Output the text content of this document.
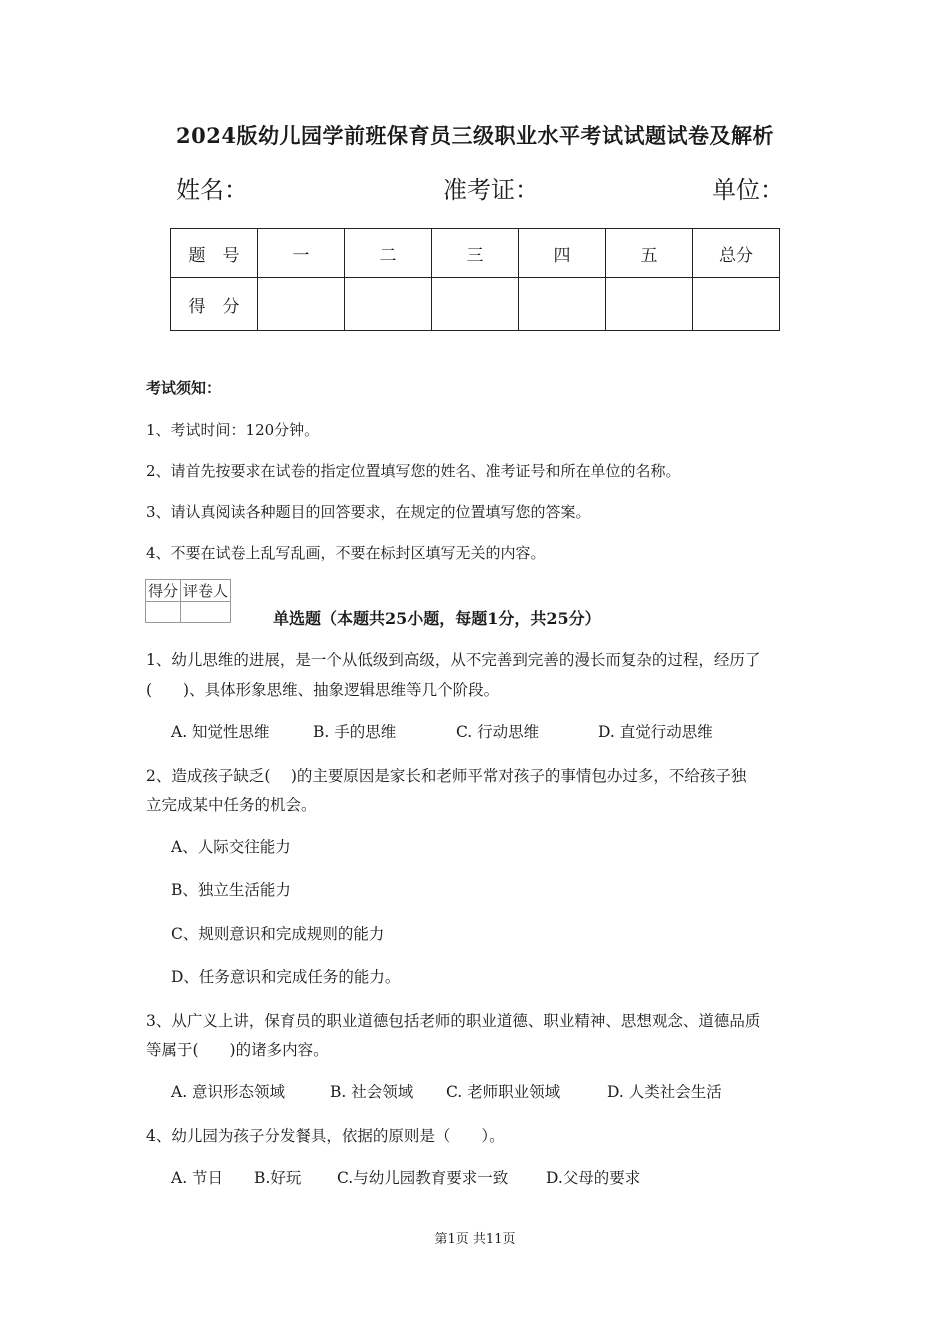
2024版幼儿园学前班保育员三级职业水平考试试题试卷及解析
姓名：	准考证：	单位：
题　号	一	二	三	四	五	总分
得　分						
考试须知：
1、考试时间：120分钟。
2、请首先按要求在试卷的指定位置填写您的姓名、准考证号和所在单位的名称。
3、请认真阅读各种题目的回答要求，在规定的位置填写您的答案。
4、不要在试卷上乱写乱画，不要在标封区填写无关的内容。
得分	评卷人

单选题（本题共25小题，每题1分，共25分）
1、幼儿思维的进展，是一个从低级到高级，从不完善到完善的漫长而复杂的过程，经历了
(　　)、具体形象思维、抽象逻辑思维等几个阶段。
A. 知觉性思维	B. 手的思维	C. 行动思维	D. 直觉行动思维
2、造成孩子缺乏(　 )的主要原因是家长和老师平常对孩子的事情包办过多，不给孩子独
立完成某中任务的机会。
A、人际交往能力
B、独立生活能力
C、规则意识和完成规则的能力
D、任务意识和完成任务的能力。
3、从广义上讲，保育员的职业道德包括老师的职业道德、职业精神、思想观念、道德品质
等属于(　　)的诸多内容。
A. 意识形态领域	B. 社会领域 C. 老师职业领域	D. 人类社会生活
4、幼儿园为孩子分发餐具，依据的原则是（　　）。
A. 节日 B.好玩 C.与幼儿园教育要求一致 D.父母的要求
第1页 共11页
